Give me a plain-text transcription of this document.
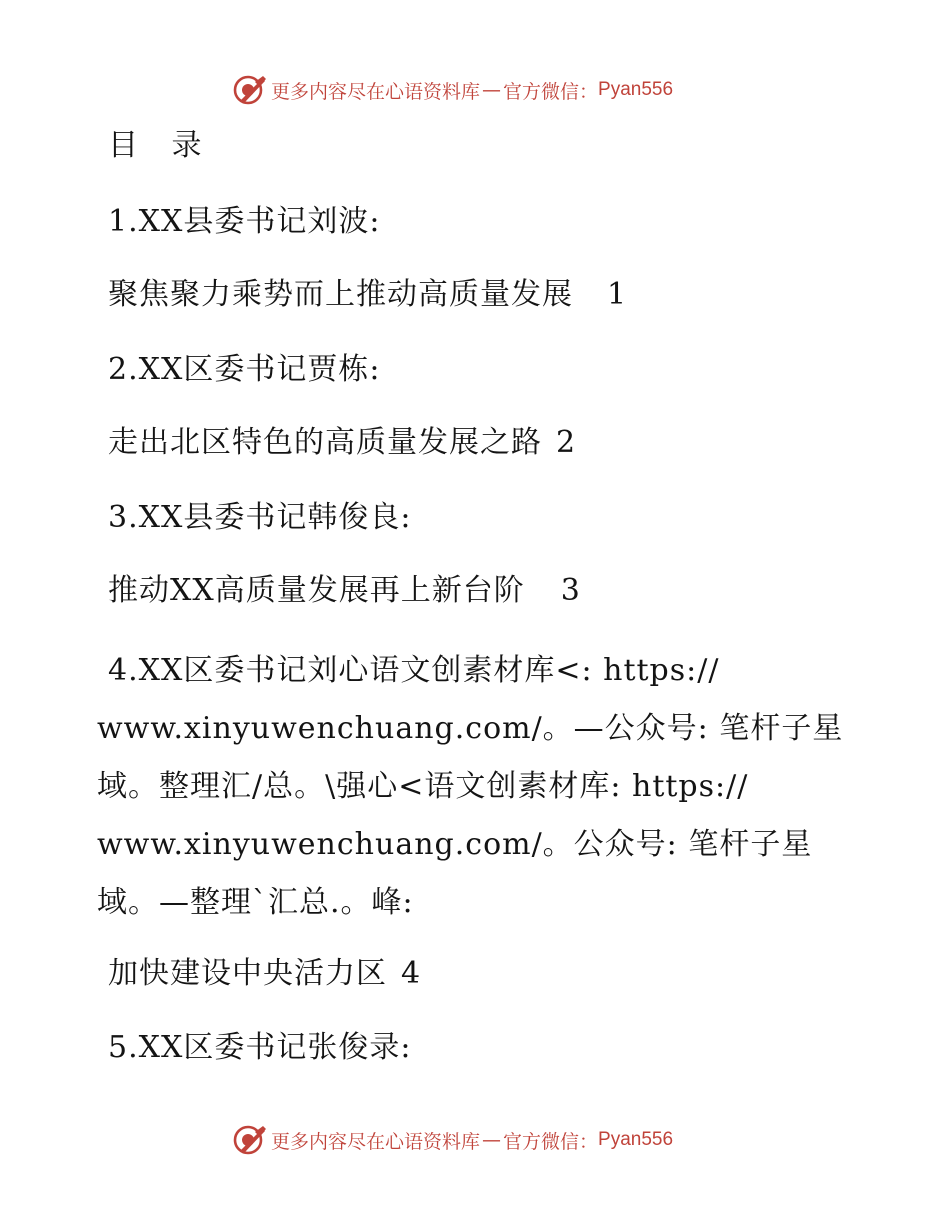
更多内容尽在心语资料库 — 官方微信： Pyan556
目 录
1.XX县委书记刘波:
聚焦聚力乘势而上推动高质量发展 1
2.XX区委书记贾栋:
走出北区特色的高质量发展之路 2
3.XX县委书记韩俊良:
推动XX高质量发展再上新台阶 3
4.XX区委书记刘心语文创素材库<: https://
www.xinyuwenchuang.com/。—公众号: 笔杆子星
域。整理汇/总。\强心<语文创素材库: https://
www.xinyuwenchuang.com/。公众号: 笔杆子星
域。—整理`汇总.。峰:
加快建设中央活力区 4
5.XX区委书记张俊录:
更多内容尽在心语资料库 — 官方微信： Pyan556
